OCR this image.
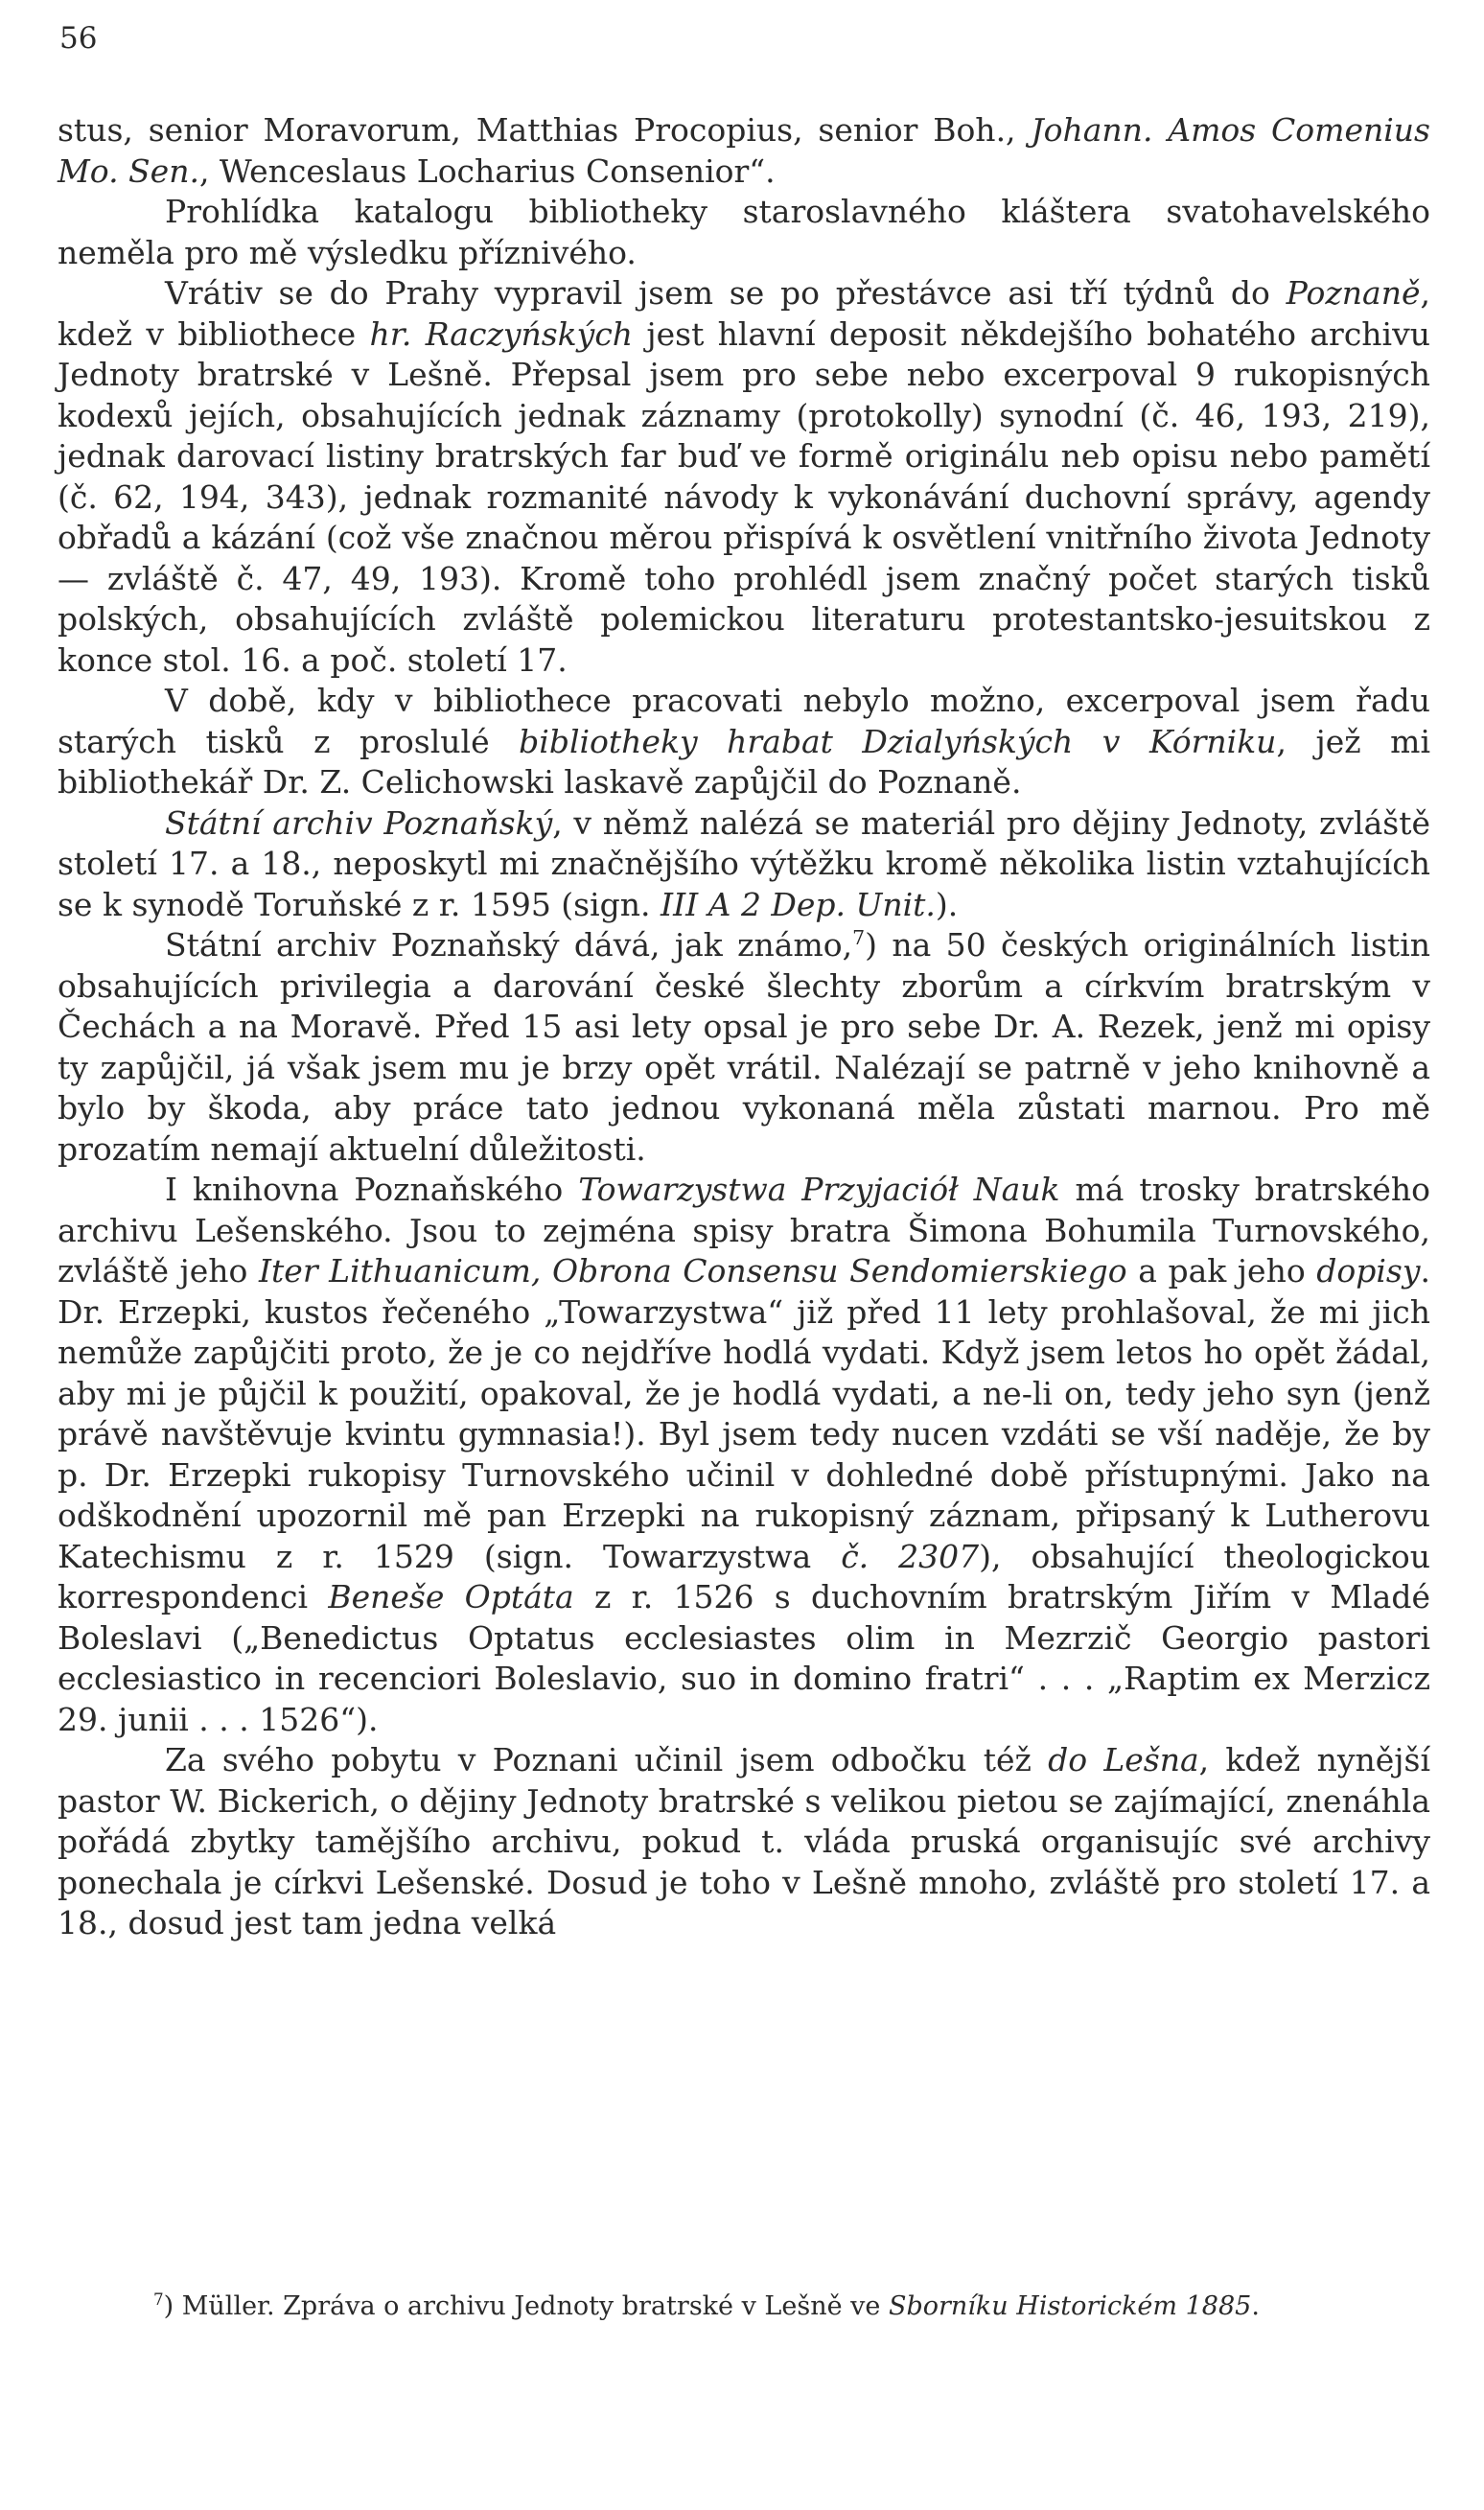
56

stus, senior Moravorum, Matthias Procopius, senior Boh., Johann. Amos Comenius Mo. Sen., Wenceslaus Locharius Consenior“.

Prohlídka katalogu bibliotheky staroslavného kláštera svatohavelského neměla pro mě výsledku příznivého.

Vrátiv se do Prahy vypravil jsem se po přestávce asi tří týdnů do Poznaně, kdež v bibliothece hr. Raczyńských jest hlavní deposit někdejšího bohatého archivu Jednoty bratrské v Lešně. Přepsal jsem pro sebe nebo excerpoval 9 rukopisných kodexů jejích, obsahujících jednak záznamy (protokolly) synodní (č. 46, 193, 219), jednak darovací listiny bratrských far buď ve formě originálu neb opisu nebo pamětí (č. 62, 194, 343), jednak rozmanité návody k vykonávání duchovní správy, agendy obřadů a kázání (což vše značnou měrou přispívá k osvětlení vnitřního života Jednoty — zvláště č. 47, 49, 193). Kromě toho prohlédl jsem značný počet starých tisků polských, obsahujících zvláště polemickou literaturu protestantsko-jesuitskou z konce stol. 16. a poč. století 17.

V době, kdy v bibliothece pracovati nebylo možno, excerpoval jsem řadu starých tisků z proslulé bibliotheky hrabat Dzialyńských v Kórniku, jež mi bibliothekář Dr. Z. Celichowski laskavě zapůjčil do Poznaně.

Státní archiv Poznaňský, v němž nalézá se materiál pro dějiny Jednoty, zvláště století 17. a 18., neposkytl mi značnějšího výtěžku kromě několika listin vztahujících se k synodě Toruňské z r. 1595 (sign. III A 2 Dep. Unit.).

Státní archiv Poznaňský dává, jak známo,$^7$) na 50 českých originálních listin obsahujících privilegia a darování české šlechty zborům a církvím bratrským v Čechách a na Moravě. Před 15 asi lety opsal je pro sebe Dr. A. Rezek, jenž mi opisy ty zapůjčil, já však jsem mu je brzy opět vrátil. Nalézají se patrně v jeho knihovně a bylo by škoda, aby práce tato jednou vykonaná měla zůstati marnou. Pro mě prozatím nemají aktuelní důležitosti.

I knihovna Poznaňského Towarzystwa Przyjaciół Nauk má trosky bratrského archivu Lešenského. Jsou to zejména spisy bratra Šimona Bohumila Turnovského, zvláště jeho Iter Lithuanicum, Obrona Consensu Sendomierskiego a pak jeho dopisy. Dr. Erzepki, kustos řečeného „Towarzystwa“ již před 11 lety prohlašoval, že mi jich nemůže zapůjčiti proto, že je co nejdříve hodlá vydati. Když jsem letos ho opět žádal, aby mi je půjčil k použití, opakoval, že je hodlá vydati, a ne-li on, tedy jeho syn (jenž právě navštěvuje kvintu gymnasia!). Byl jsem tedy nucen vzdáti se vší naděje, že by p. Dr. Erzepki rukopisy Turnovského učinil v dohledné době přístupnými. Jako na odškodnění upozornil mě pan Erzepki na rukopisný záznam, připsaný k Lutherovu Katechismu z r. 1529 (sign. Towarzystwa č. 2307), obsahující theologickou korrespondenci Beneše Optáta z r. 1526 s duchovním bratrským Jiřím v Mladé Boleslavi („Benedictus Optatus ecclesiastes olim in Mezrzič Georgio pastori ecclesiastico in recenciori Boleslavio, suo in domino fratri“ . . . „Raptim ex Merzicz 29. junii . . . 1526“).

Za svého pobytu v Poznani učinil jsem odbočku též do Lešna, kdež nynější pastor W. Bickerich, o dějiny Jednoty bratrské s velikou pietou se zajímající, znenáhla pořádá zbytky tamějšího archivu, pokud t. vláda pruská organisujíc své archivy ponechala je církvi Lešenské. Dosud je toho v Lešně mnoho, zvláště pro století 17. a 18., dosud jest tam jedna velká

$^7$) Müller. Zpráva o archivu Jednoty bratrské v Lešně ve Sborníku Historickém 1885.
